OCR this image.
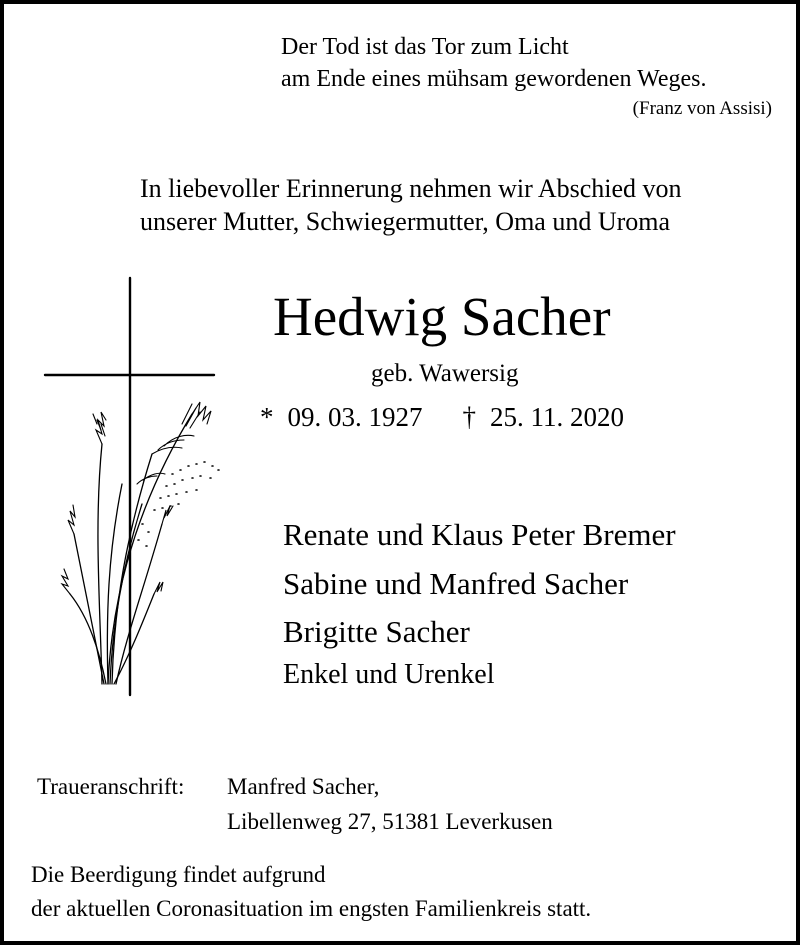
Der Tod ist das Tor zum Licht

am Ende eines mühsam gewordenen Weges.

(Franz von Assisi)

In liebevoller Erinnerung nehmen wir Abschied von

unserer Mutter, Schwiegermutter, Oma und Uroma

Hedwig Sacher

geb. Wawersig

* 09. 03. 1927 † 25. 11. 2020

Renate und Klaus Peter Bremer

Sabine und Manfred Sacher

Brigitte Sacher

Enkel und Urenkel

Traueranschrift: Manfred Sacher,

Libellenweg 27, 51381 Leverkusen

Die Beerdigung findet aufgrund

der aktuellen Coronasituation im engsten Familienkreis statt.
